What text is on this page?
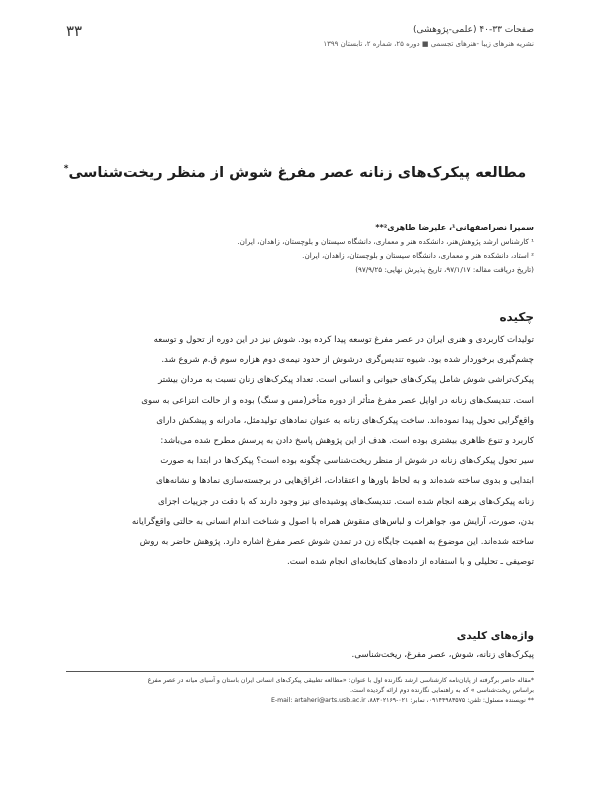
۳۳	صفحات ۳۳-۴۰ (علمی-پژوهشی)
نشریه هنرهای زیبا -هنرهای تجسمی ■ دوره ۲۵، شماره ۲، تابستان ۱۳۹۹
مطالعه پیکرک‌های زنانه عصر مفرغ شوش از منظر ریخت‌شناسی*
سمیرا نصراصفهانی¹، علیرضا طاهری²**
¹ کارشناس ارشد پژوهش‌هنر، دانشکده هنر و معماری، دانشگاه سیستان و بلوچستان، زاهدان، ایران.
² استاد، دانشکده هنر و معماری، دانشگاه سیستان و بلوچستان، زاهدان، ایران.
(تاریخ دریافت مقاله: ۹۷/۱/۱۷، تاریخ پذیرش نهایی: ۹۷/۹/۲۵)
چکیده

تولیدات کاربردی و هنری ایران در عصر مفرغ توسعه پیدا کرده بود. شوش نیز در این دوره از تحول و توسعه

چشم‌گیری برخوردار شده بود. شیوه تندیس‌گری درشوش از حدود نیمه‌ی دوم هزاره سوم ق.م شروع شد.

پیکرک‌تراشی شوش شامل پیکرک‌های حیوانی و انسانی است. تعداد پیکرک‌های زنان نسبت به مردان بیشتر

است. تندیسک‌های زنانه در اوایل عصر مفرغ متأثر از دوره متأخر(مس و سنگ) بوده و از حالت انتزاعی به سوی

واقع‌گرایی تحول پیدا نموده‌اند. ساخت پیکرک‌های زنانه به عنوان نمادهای تولیدمثل، مادرانه و پیشکش دارای

کاربرد و تنوع ظاهری بیشتری بوده است. هدف از این پژوهش پاسخ دادن به پرسش مطرح شده می‌باشد:

سیر تحول پیکرک‌های زنانه در شوش از منظر ریخت‌شناسی چگونه بوده است؟ پیکرک‌ها در ابتدا به صورت

ابتدایی و بدوی ساخته شده‌اند و به لحاظ باورها و اعتقادات، اغراق‌هایی در برجسته‌سازی نمادها و نشانه‌های

زنانه پیکرک‌های برهنه انجام شده است. تندیسک‌های پوشیده‌ای نیز وجود دارند که با دقت در جزییات اجزای

بدن، صورت، آرایش مو، جواهرات و لباس‌های منقوش همراه با اصول و شناخت اندام انسانی به حالتی واقع‌گرایانه

ساخته شده‌اند. این موضوع به اهمیت جایگاه زن در تمدن شوش عصر مفرغ اشاره دارد. پژوهش حاضر به روش

توصیفی ـ تحلیلی و با استفاده از داده‌های کتابخانه‌ای انجام شده است.

واژه‌های کلیدی
پیکرک‌های زنانه، شوش، عصر مفرغ، ریخت‌شناسی.
*مقاله حاضر برگرفته از پایان‌نامه کارشناسی ارشد نگارنده اول با عنوان: «مطالعه تطبیقی پیکرک‌های انسانی ایران باستان و آسیای میانه در عصر مفرغ
براساس ریخت‌شناسی » که به راهنمایی نگارنده دوم ارائه گردیده است.
** نویسنده مسئول: تلفن: ۰۹۱۴۴۹۸۳۵۷۵، نمابر: ۰۲۱-۸۸۳۰۲۱۶۹، E-mail: artaheri@arts.usb.ac.ir
